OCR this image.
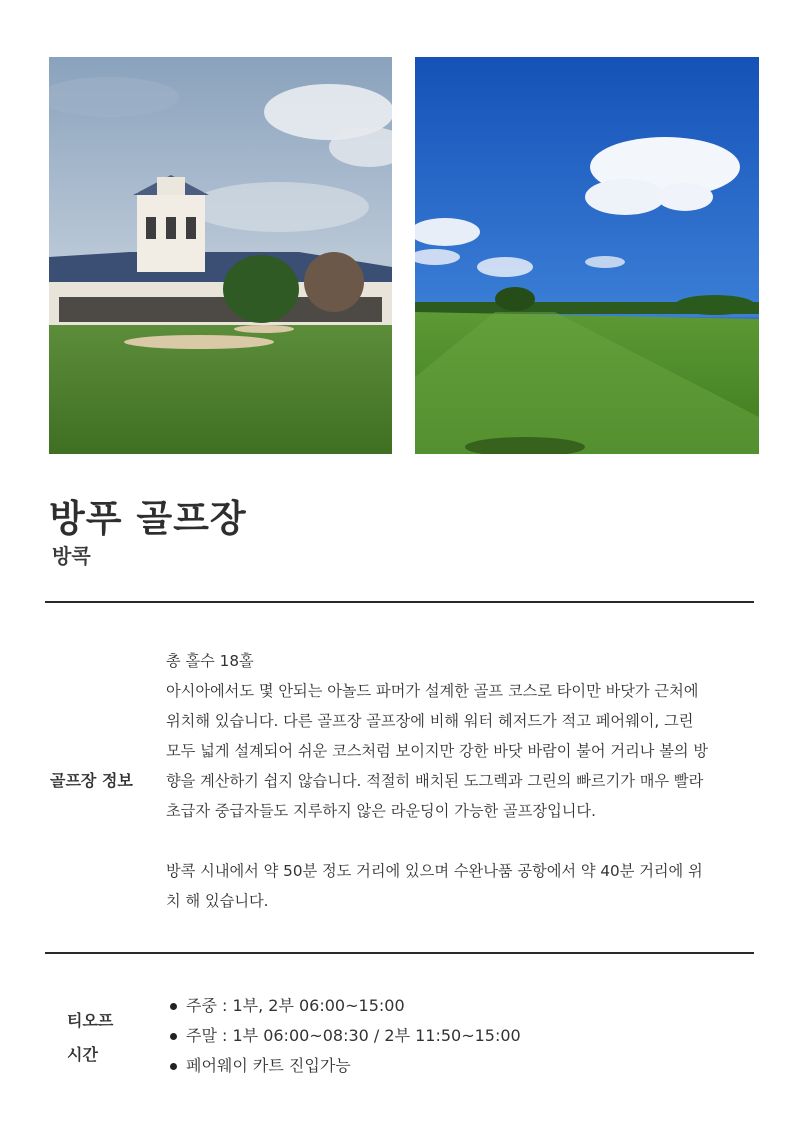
방푸 골프장
방콕
골프장 정보

총 홀수 18홀

아시아에서도 몇 안되는 아놀드 파머가 설계한 골프 코스로 타이만 바닷가 근처에

위치해 있습니다. 다른 골프장 골프장에 비해 워터 헤저드가 적고 페어웨이, 그린

모두 넓게 설계되어 쉬운 코스처럼 보이지만 강한 바닷 바람이 불어 거리나 볼의 방

향을 계산하기 쉽지 않습니다. 적절히 배치된 도그렉과 그린의 빠르기가 매우 빨라

초급자 중급자들도 지루하지 않은 라운딩이 가능한 골프장입니다.

방콕 시내에서 약 50분 정도 거리에 있으며 수완나품 공항에서 약 40분 거리에 위

치 해 있습니다.

티오프
시간
주중 : 1부, 2부 06:00~15:00
주말 : 1부 06:00~08:30 / 2부 11:50~15:00
페어웨이 카트 진입가능
